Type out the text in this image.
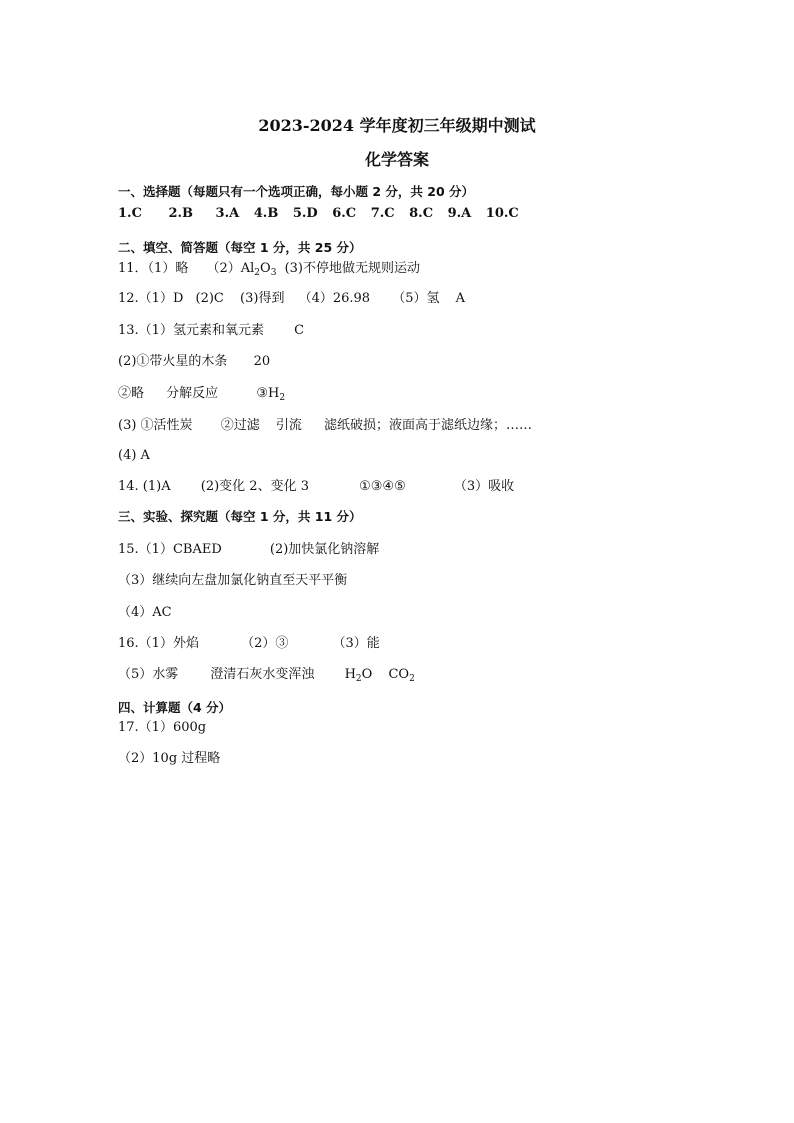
2023-2024 学年度初三年级期中测试
化学答案
一、选择题（每题只有一个选项正确，每小题 2 分，共 20 分）
1.C 2.B 3.A 4.B 5.D 6.C 7.C 8.C 9.A 10.C
二、填空、简答题（每空 1 分，共 25 分）
11．（1）略 $(2)Al_2O_3$ (3)不停地做无规则运动
12.（1）D (2)C (3)得到 （4）26.98 （5）氢 A
13.（1）氢元素和氧元素 C
(2)①带火星的木条 20
②略 分解反应	$③H_2$
(3) ①活性炭 ②过滤 引流 滤纸破损；液面高于滤纸边缘；……
(4) A
14. (1)A (2)变化 2、变化 3	①③④⑤	（3）吸收
三、实验、探究题（每空 1 分，共 11 分）
15.（1）CBAED	(2)加快氯化钠溶解
（3）继续向左盘加氯化钠直至天平平衡
（4）AC
16.（1）外焰	（2）③	（3）能
（5）水雾 澄清石灰水变浑浊 $H_2O$ $CO_2$
四、计算题（4 分）
17.（1）600g
（2）10g 过程略
